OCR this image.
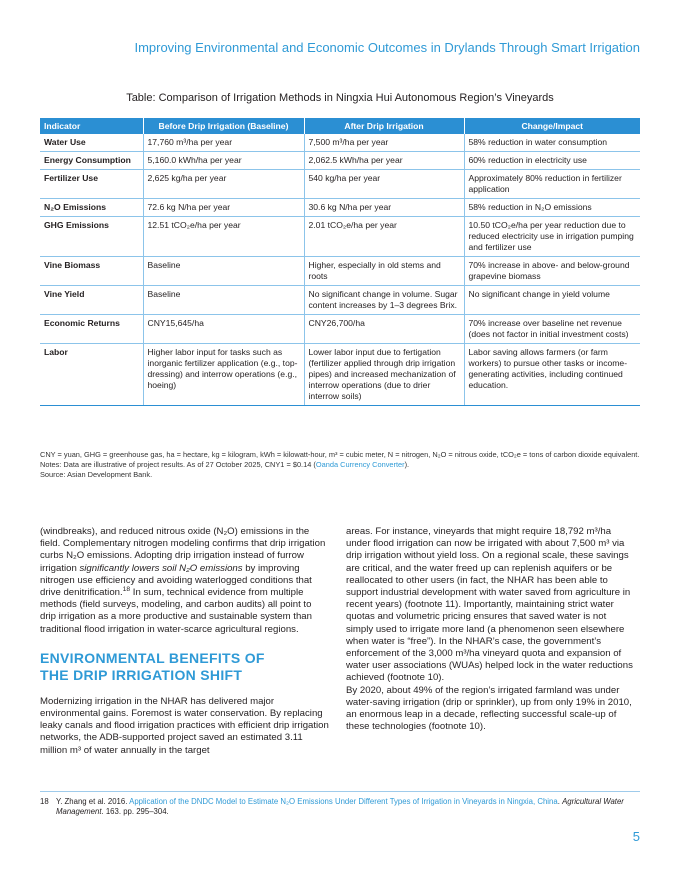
Improving Environmental and Economic Outcomes in Drylands Through Smart Irrigation
Table: Comparison of Irrigation Methods in Ningxia Hui Autonomous Region’s Vineyards
Indicator	Before Drip Irrigation (Baseline)	After Drip Irrigation	Change/Impact
Water Use	17,760 m³/ha per year	7,500 m³/ha per year	58% reduction in water consumption
Energy Consumption	5,160.0 kWh/ha per year	2,062.5 kWh/ha per year	60% reduction in electricity use
Fertilizer Use	2,625 kg/ha per year	540 kg/ha per year	Approximately 80% reduction in fertilizer application
N₂O Emissions	72.6 kg N/ha per year	30.6 kg N/ha per year	58% reduction in N₂O emissions
GHG Emissions	12.51 tCO₂e/ha per year	2.01 tCO₂e/ha per year	10.50 tCO₂e/ha per year reduction due to reduced electricity use in irrigation pumping and fertilizer use
Vine Biomass	Baseline	Higher, especially in old stems and roots	70% increase in above- and below-ground grapevine biomass
Vine Yield	Baseline	No significant change in volume. Sugar content increases by 1–3 degrees Brix.	No significant change in yield volume
Economic Returns	CNY15,645/ha	CNY26,700/ha	70% increase over baseline net revenue (does not factor in initial investment costs)
Labor	Higher labor input for tasks such as inorganic fertilizer application (e.g., top-dressing) and interrow operations (e.g., hoeing)	Lower labor input due to fertigation (fertilizer applied through drip irrigation pipes) and increased mechanization of interrow operations (due to drier interrow soils)	Labor saving allows farmers (or farm workers) to pursue other tasks or income-generating activities, including continued education.
CNY = yuan, GHG = greenhouse gas, ha = hectare, kg = kilogram, kWh = kilowatt-hour, m³ = cubic meter, N = nitrogen, N₂O = nitrous oxide, tCO₂e = tons of carbon dioxide equivalent.
Notes: Data are illustrative of project results. As of 27 October 2025, CNY1 = $0.14 (Oanda Currency Converter).
Source: Asian Development Bank.

(windbreaks), and reduced nitrous oxide (N₂O) emissions in the field. Complementary nitrogen modeling confirms that drip irrigation curbs N₂O emissions. Adopting drip irrigation instead of furrow irrigation significantly lowers soil N₂O emissions by improving nitrogen use efficiency and avoiding waterlogged conditions that drive denitrification.$^{18}$ In sum, technical evidence from multiple methods (field surveys, modeling, and carbon audits) all point to drip irrigation as a more productive and sustainable system than traditional flood irrigation in water-scarce agricultural regions.

ENVIRONMENTAL BENEFITS OF
THE DRIP IRRIGATION SHIFT

Modernizing irrigation in the NHAR has delivered major environmental gains. Foremost is water conservation. By replacing leaky canals and flood irrigation practices with efficient drip irrigation networks, the ADB-supported project saved an estimated 3.11 million m³ of water annually in the target

areas. For instance, vineyards that might require 18,792 m³/ha under flood irrigation can now be irrigated with about 7,500 m³ via drip irrigation without yield loss. On a regional scale, these savings are critical, and the water freed up can replenish aquifers or be reallocated to other users (in fact, the NHAR has been able to support industrial development with water saved from agriculture in recent years) (footnote 11). Importantly, maintaining strict water quotas and volumetric pricing ensures that saved water is not simply used to irrigate more land (a phenomenon seen elsewhere when water is “free”). In the NHAR’s case, the government’s enforcement of the 3,000 m³/ha vineyard quota and expansion of water user associations (WUAs) helped lock in the water reductions achieved (footnote 10).

By 2020, about 49% of the region’s irrigated farmland was under water-saving irrigation (drip or sprinkler), up from only 19% in 2010, an enormous leap in a decade, reflecting successful scale-up of these technologies (footnote 10).

18 Y. Zhang et al. 2016. Application of the DNDC Model to Estimate N₂O Emissions Under Different Types of Irrigation in Vineyards in Ningxia, China. Agricultural Water Management. 163. pp. 295–304.
5
